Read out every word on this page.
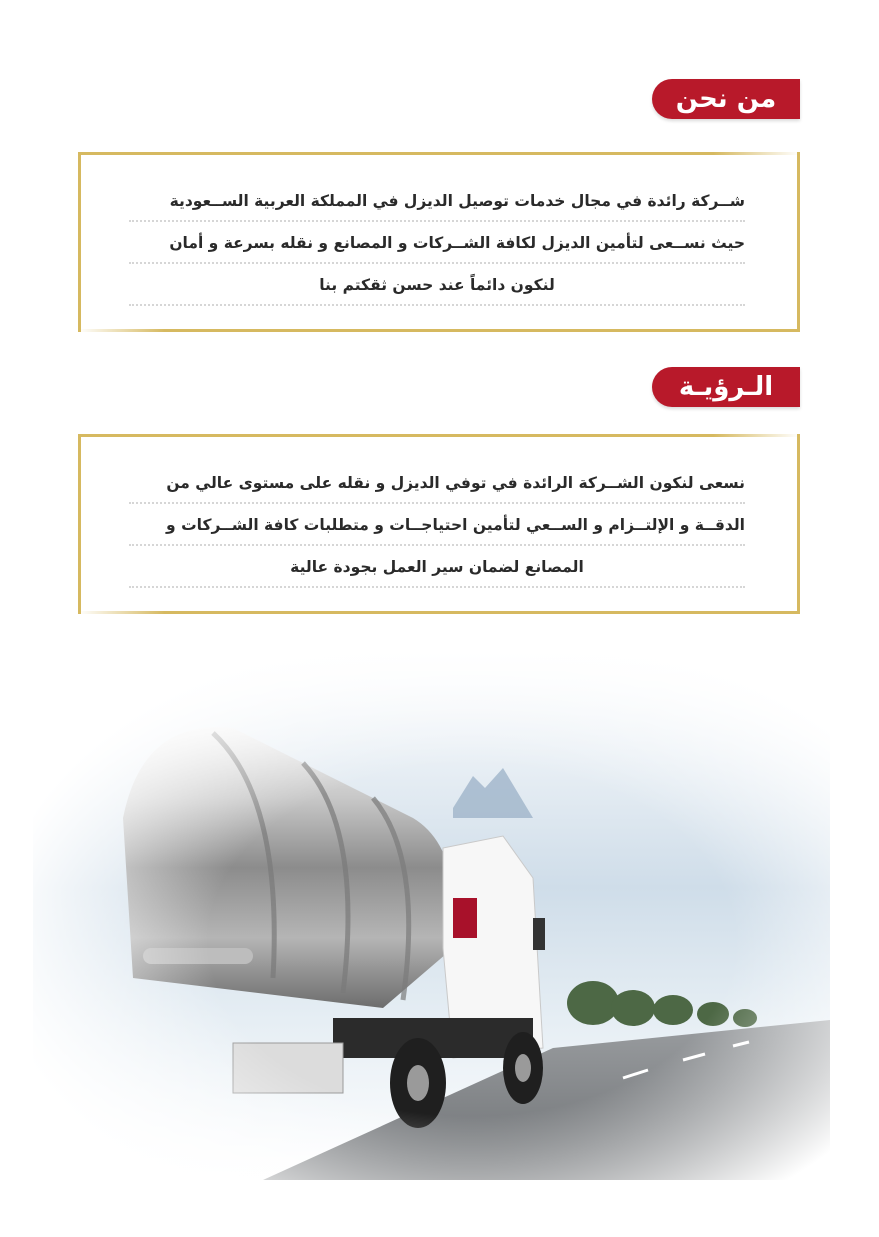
من نحن
شــركة رائدة في مجال خدمات توصيل الديزل في المملكة العربية الســعودية
حيث نســعى لتأمين الديزل لكافة الشــركات و المصانع و نقله بسرعة و أمان
لنكون دائماً عند حسن ثقكتم بنا
الـرؤيـة
نسعى لنكون الشــركة الرائدة في توفي الديزل و نقله على مستوى عالي من
الدقــة و الإلتــزام و الســعي لتأمين احتياجــات و متطلبات كافة الشــركات و
المصانع لضمان سير العمل بجودة عالية
